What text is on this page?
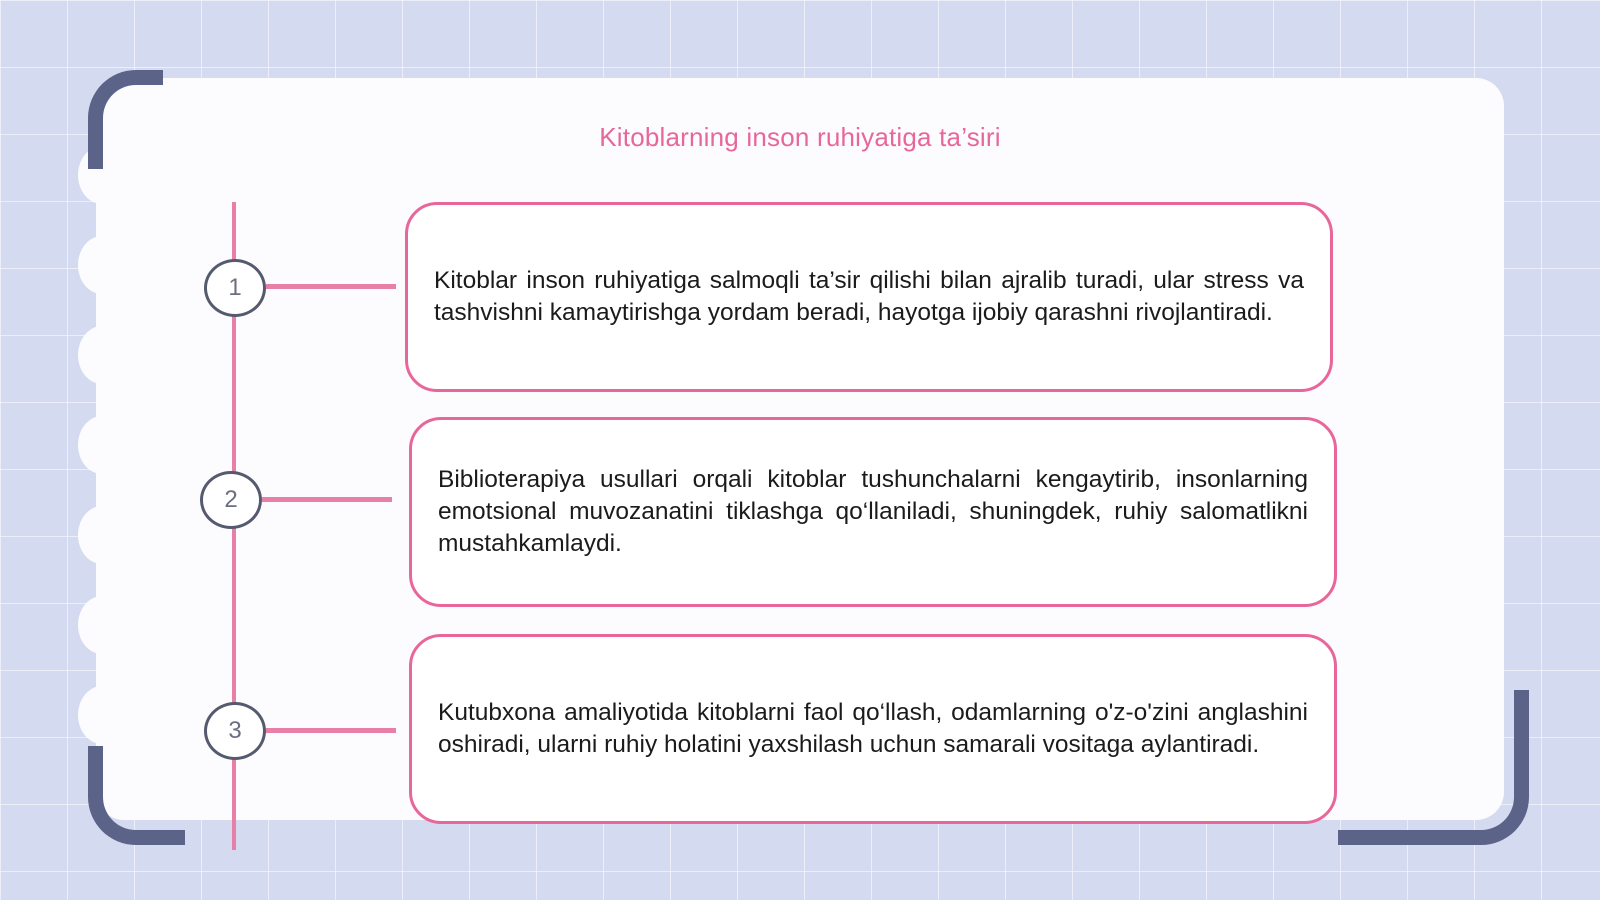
Kitoblarning inson ruhiyatiga ta’siri
1
2
3

Kitoblar inson ruhiyatiga salmoqli ta’sir qilishi bilan ajralib turadi, ular stress va tashvishni kamaytirishga yordam beradi, hayotga ijobiy qarashni rivojlantiradi.

Biblioterapiya usullari orqali kitoblar tushunchalarni kengaytirib, insonlarning emotsional muvozanatini tiklashga qo‘llaniladi, shuningdek, ruhiy salomatlikni mustahkamlaydi.

Kutubxona amaliyotida kitoblarni faol qo‘llash, odamlarning o'z-o'zini anglashini oshiradi, ularni ruhiy holatini yaxshilash uchun samarali vositaga aylantiradi.
